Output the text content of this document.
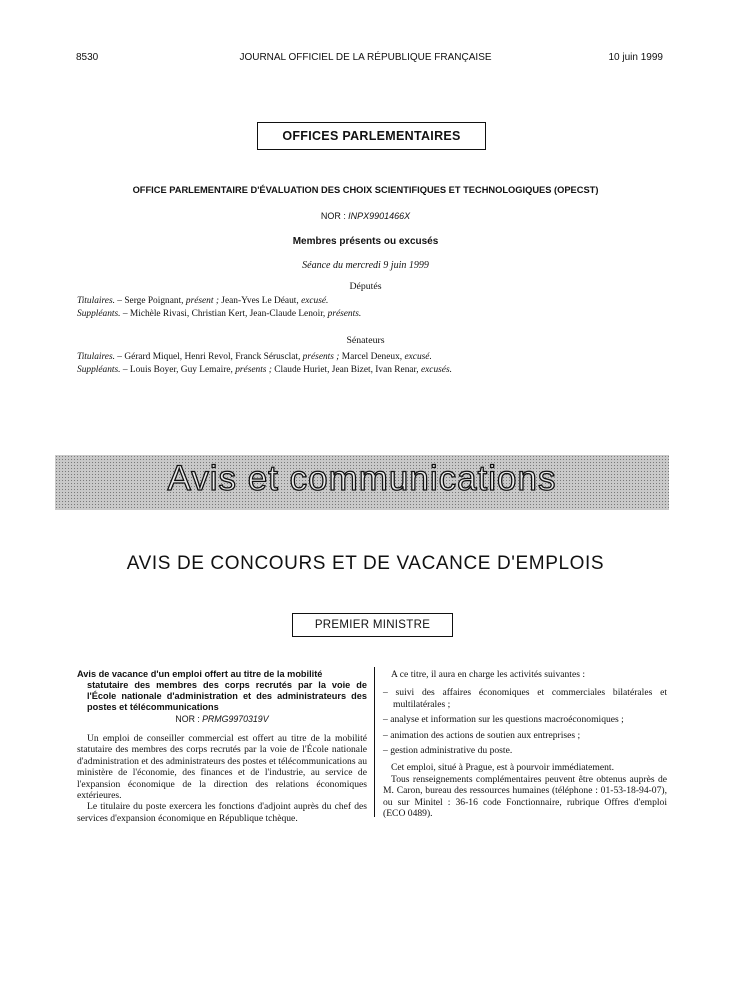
8530	JOURNAL OFFICIEL DE LA RÉPUBLIQUE FRANÇAISE	10 juin 1999
OFFICES PARLEMENTAIRES
OFFICE PARLEMENTAIRE D'ÉVALUATION DES CHOIX SCIENTIFIQUES ET TECHNOLOGIQUES (OPECST)
NOR : INPX9901466X
Membres présents ou excusés
Séance du mercredi 9 juin 1999
Députés

Titulaires. – Serge Poignant, présent ; Jean-Yves Le Déaut, excusé.

Suppléants. – Michèle Rivasi, Christian Kert, Jean-Claude Lenoir, présents.

Sénateurs

Titulaires. – Gérard Miquel, Henri Revol, Franck Sérusclat, présents ; Marcel Deneux, excusé.

Suppléants. – Louis Boyer, Guy Lemaire, présents ; Claude Huriet, Jean Bizet, Ivan Renar, excusés.

Avis et communications
AVIS DE CONCOURS ET DE VACANCE D'EMPLOIS
PREMIER MINISTRE
Avis de vacance d'un emploi offert au titre de la mobilité
statutaire des membres des corps recrutés par la voie de l'École nationale d'administration et des administrateurs des postes et télécommunications
NOR : PRMG9970319V

Un emploi de conseiller commercial est offert au titre de la mobilité statutaire des membres des corps recrutés par la voie de l'École nationale d'administration et des administrateurs des postes et télécommunications au ministère de l'économie, des finances et de l'industrie, au service de l'expansion économique de la direction des relations économiques extérieures.

Le titulaire du poste exercera les fonctions d'adjoint auprès du chef des services d'expansion économique en République tchèque.

A ce titre, il aura en charge les activités suivantes :

– suivi des affaires économiques et commerciales bilatérales et multilatérales ;
– analyse et information sur les questions macroéconomiques ;
– animation des actions de soutien aux entreprises ;
– gestion administrative du poste.

Cet emploi, situé à Prague, est à pourvoir immédiatement.

Tous renseignements complémentaires peuvent être obtenus auprès de M. Caron, bureau des ressources humaines (téléphone : 01-53-18-94-07), ou sur Minitel : 36-16 code Fonctionnaire, rubrique Offres d'emploi (ECO 0489).
